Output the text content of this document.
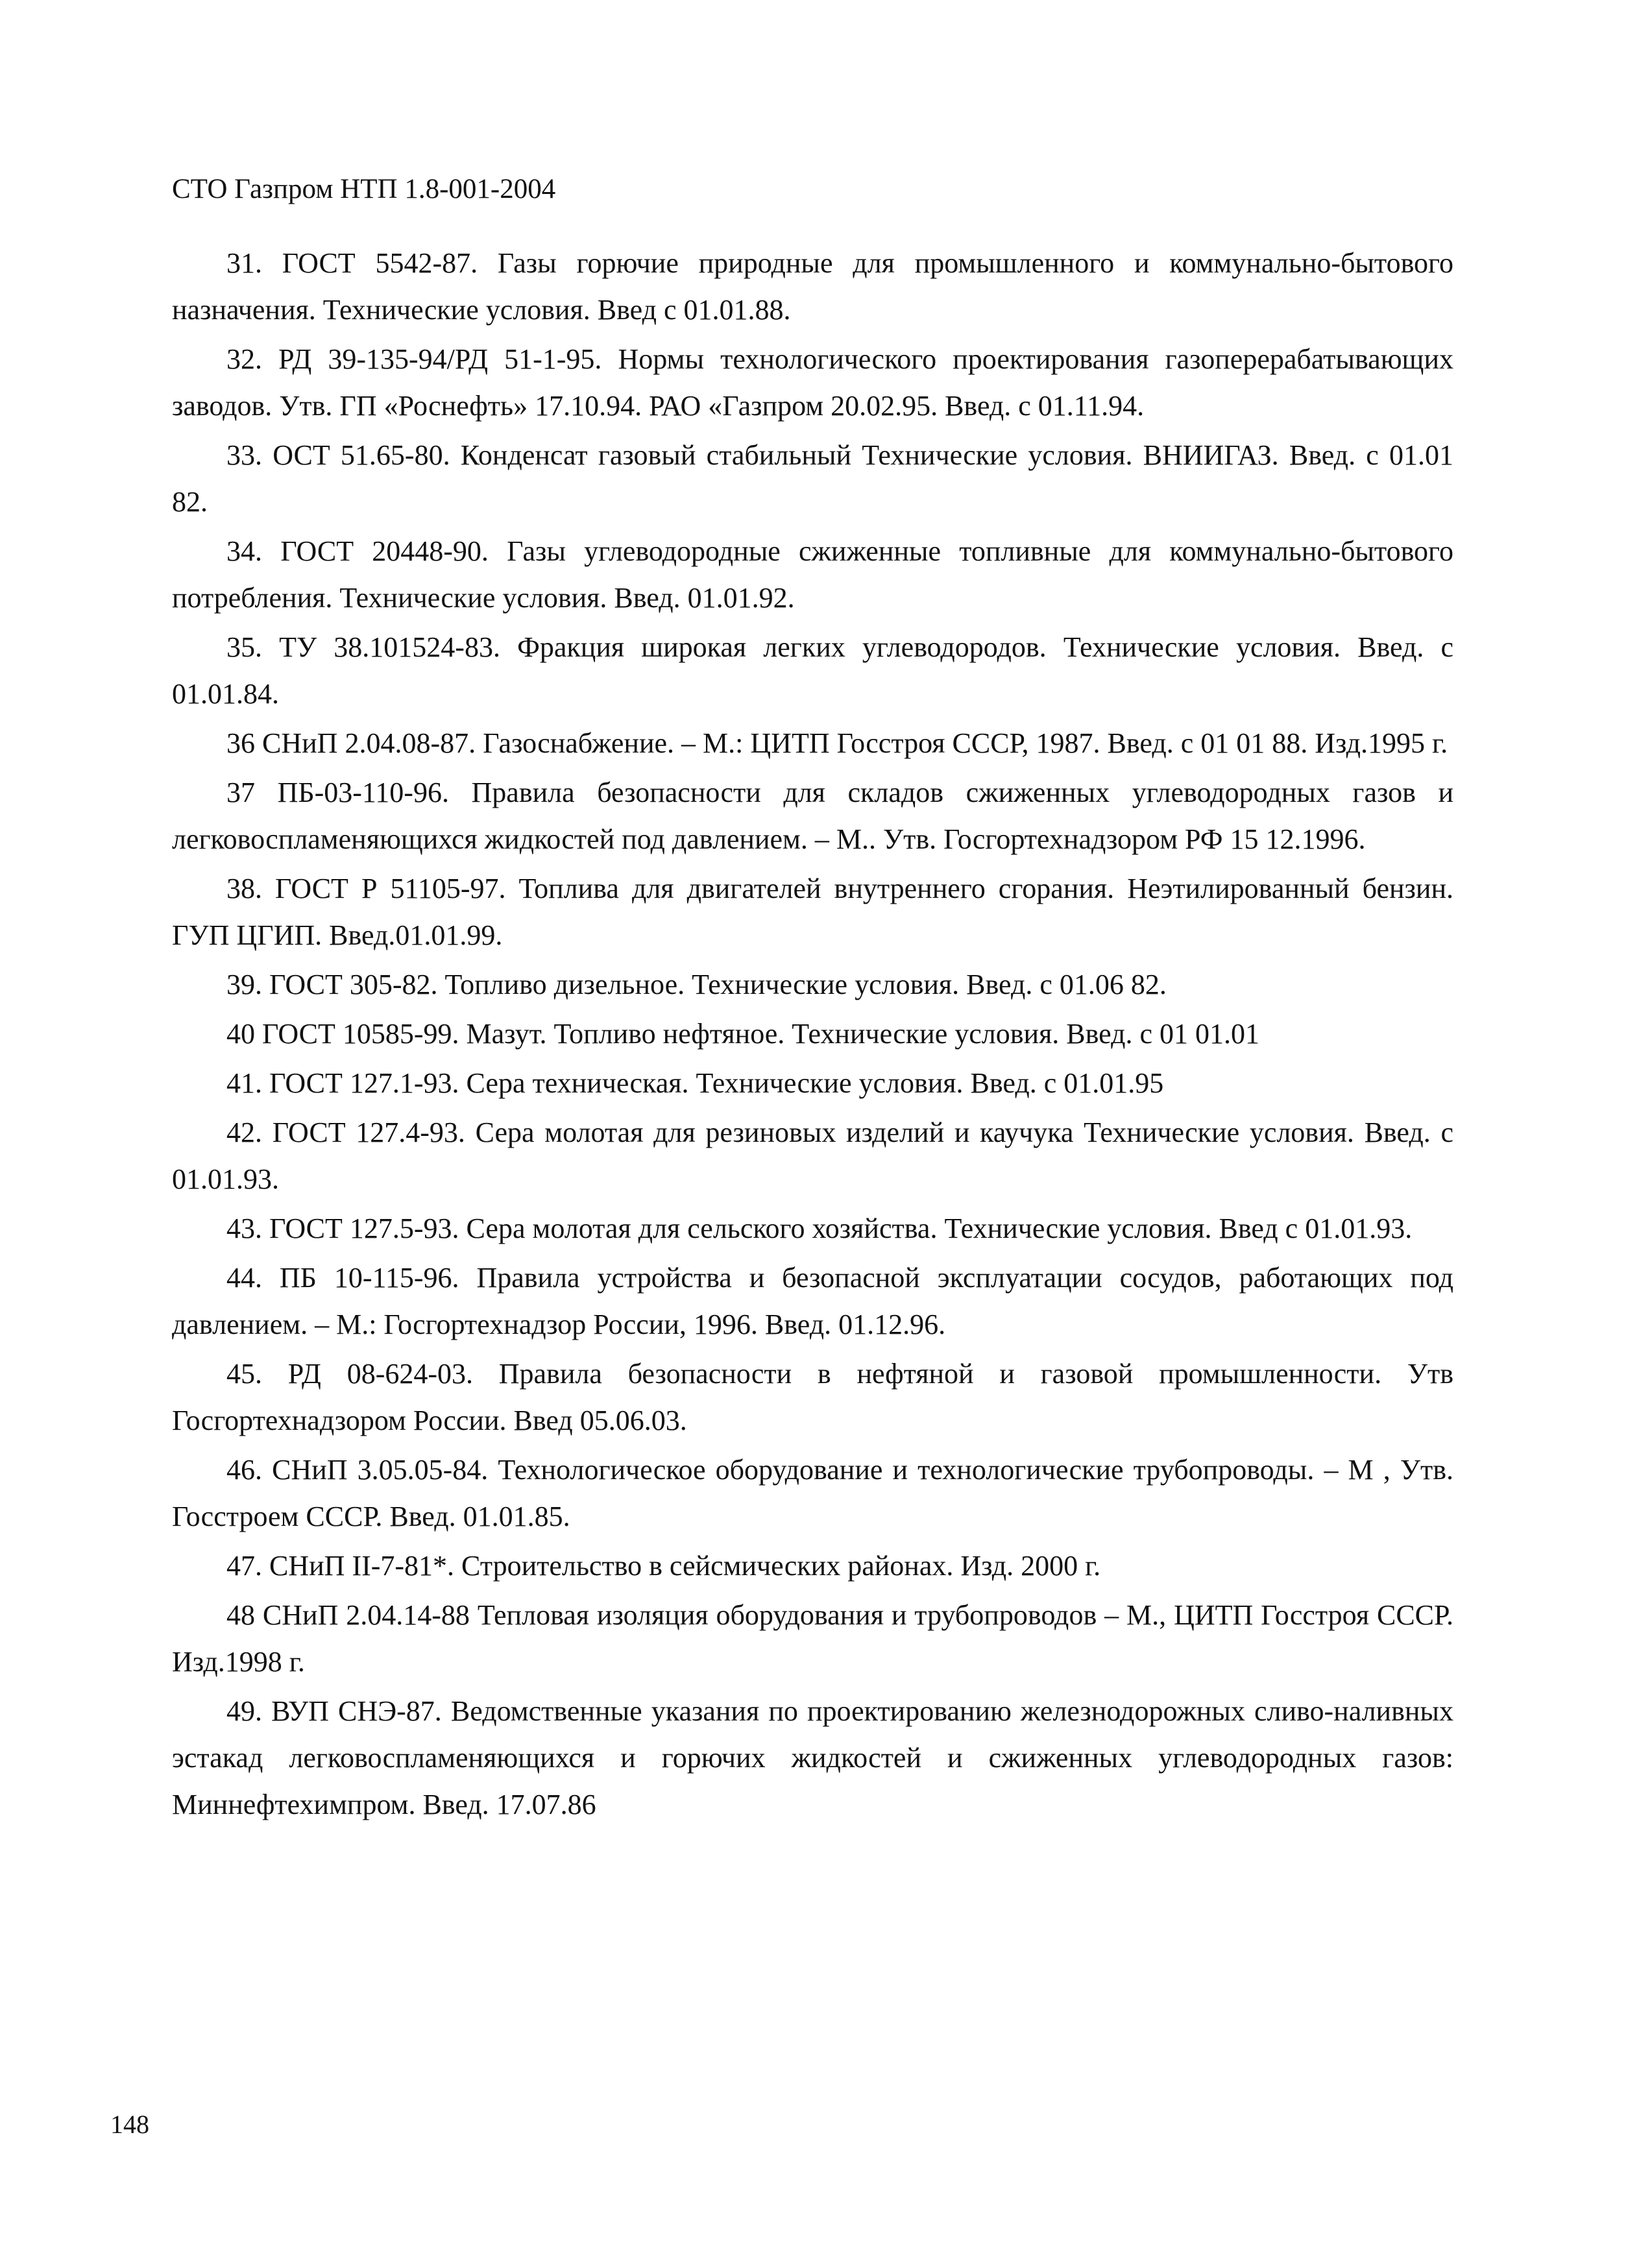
СТО Газпром НТП 1.8-001-2004
31. ГОСТ 5542-87. Газы горючие природные для промышленного и коммунально-бытового назначения. Технические условия. Введ с 01.01.88.
32. РД 39-135-94/РД 51-1-95. Нормы технологического проектирования газоперерабатывающих заводов. Утв. ГП «Роснефть» 17.10.94. РАО «Газпром 20.02.95. Введ. с 01.11.94.
33. ОСТ 51.65-80. Конденсат газовый стабильный Технические условия. ВНИИГАЗ. Введ. с 01.01 82.
34. ГОСТ 20448-90. Газы углеводородные сжиженные топливные для коммунально-бытового потребления. Технические условия. Введ. 01.01.92.
35. ТУ 38.101524-83. Фракция широкая легких углеводородов. Технические условия. Введ. с 01.01.84.
36 СНиП 2.04.08-87. Газоснабжение. – М.: ЦИТП Госстроя СССР, 1987. Введ. с 01 01 88. Изд.1995 г.
37 ПБ-03-110-96. Правила безопасности для складов сжиженных углеводородных газов и легковоспламеняющихся жидкостей под давлением. – М.. Утв. Госгортехнадзором РФ 15 12.1996.
38. ГОСТ Р 51105-97. Топлива для двигателей внутреннего сгорания. Неэтилированный бензин. ГУП ЦГИП. Введ.01.01.99.
39. ГОСТ 305-82. Топливо дизельное. Технические условия. Введ. с 01.06 82.
40 ГОСТ 10585-99. Мазут. Топливо нефтяное. Технические условия. Введ. с 01 01.01
41. ГОСТ 127.1-93. Сера техническая. Технические условия. Введ. с 01.01.95
42. ГОСТ 127.4-93. Сера молотая для резиновых изделий и каучука Технические условия. Введ. с 01.01.93.
43. ГОСТ 127.5-93. Сера молотая для сельского хозяйства. Технические условия. Введ с 01.01.93.
44. ПБ 10-115-96. Правила устройства и безопасной эксплуатации сосудов, работающих под давлением. – М.: Госгортехнадзор России, 1996. Введ. 01.12.96.
45. РД 08-624-03. Правила безопасности в нефтяной и газовой промышленности. Утв Госгортехнадзором России. Введ 05.06.03.
46. СНиП 3.05.05-84. Технологическое оборудование и технологические трубопроводы. – М , Утв. Госстроем СССР. Введ. 01.01.85.
47. СНиП II-7-81*. Строительство в сейсмических районах. Изд. 2000 г.
48 СНиП 2.04.14-88 Тепловая изоляция оборудования и трубопроводов – М., ЦИТП Госстроя СССР. Изд.1998 г.
49. ВУП СНЭ-87. Ведомственные указания по проектированию железнодорожных сливо-наливных эстакад легковоспламеняющихся и горючих жидкостей и сжиженных углеводородных газов: Миннефтехимпром. Введ. 17.07.86
148
